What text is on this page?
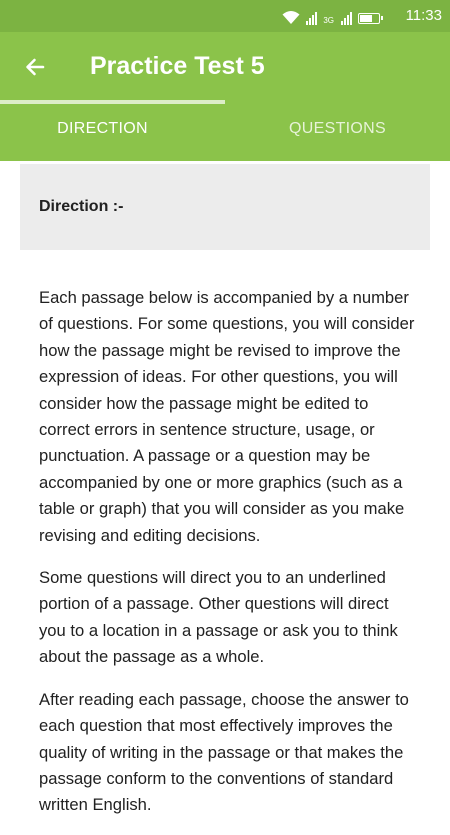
3G	11:33
Practice Test 5
DIRECTION	QUESTIONS
Direction :-

Each passage below is accompanied by a number of questions. For some questions, you will consider how the passage might be revised to improve the expression of ideas. For other questions, you will consider how the passage might be edited to correct errors in sentence structure, usage, or punctuation. A passage or a question may be accompanied by one or more graphics (such as a table or graph) that you will consider as you make revising and editing decisions.

Some questions will direct you to an underlined portion of a passage. Other questions will direct you to a location in a passage or ask you to think about the passage as a whole.

After reading each passage, choose the answer to each question that most effectively improves the quality of writing in the passage or that makes the passage conform to the conventions of standard written English.
